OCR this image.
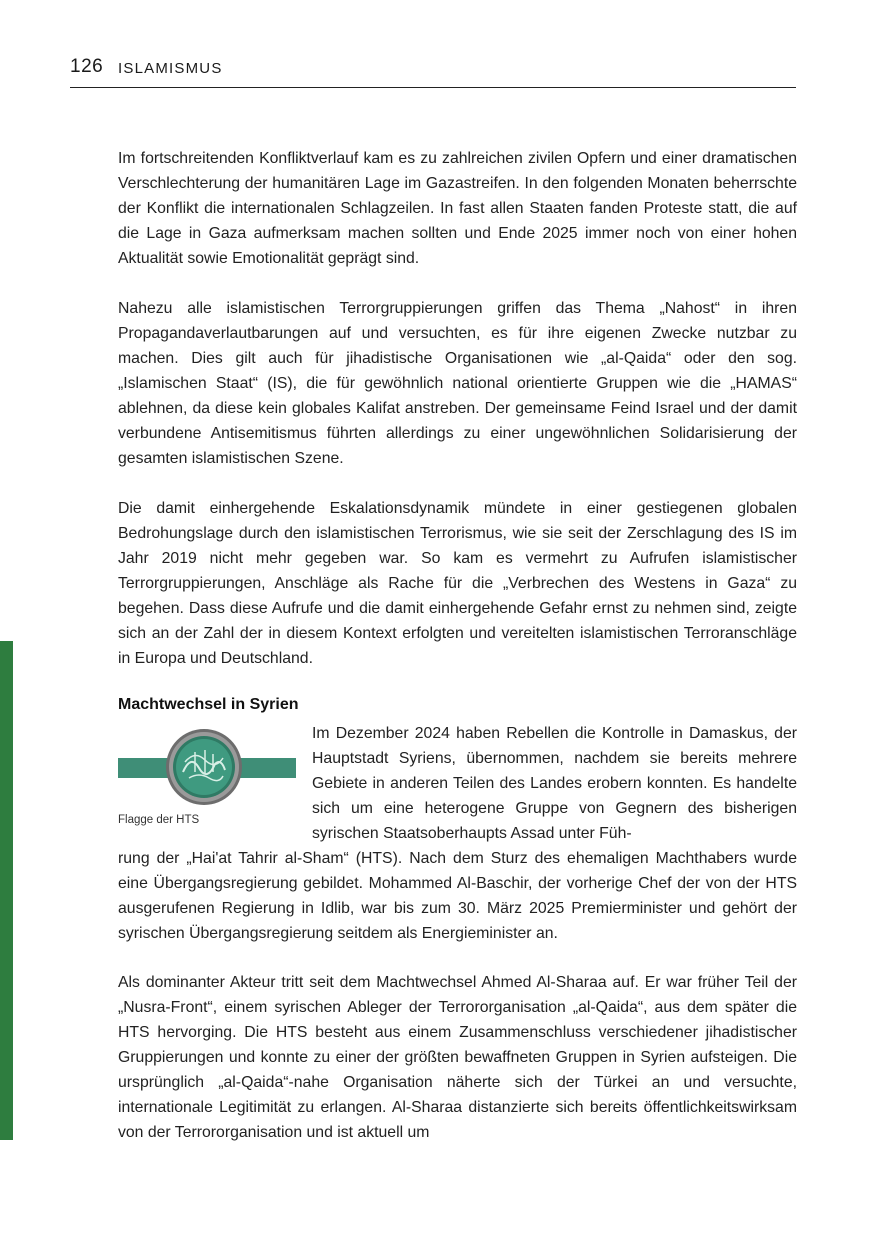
126 ISLAMISMUS

Im fortschreitenden Konfliktverlauf kam es zu zahlreichen zivilen Opfern und einer dramatischen Verschlechterung der humanitären Lage im Gazastreifen. In den folgenden Monaten beherrschte der Konflikt die internationalen Schlagzeilen. In fast allen Staaten fanden Proteste statt, die auf die Lage in Gaza aufmerksam machen sollten und Ende 2025 immer noch von einer hohen Aktualität sowie Emotionalität geprägt sind.

Nahezu alle islamistischen Terrorgruppierungen griffen das Thema „Nahost“ in ihren Propagandaverlautbarungen auf und versuchten, es für ihre eigenen Zwecke nutzbar zu machen. Dies gilt auch für jihadistische Organisationen wie „al-Qaida“ oder den sog. „Islamischen Staat“ (IS), die für gewöhnlich national orientierte Gruppen wie die „HAMAS“ ablehnen, da diese kein globales Kalifat anstreben. Der gemeinsame Feind Israel und der damit verbundene Antisemitismus führten allerdings zu einer ungewöhnlichen Solidarisierung der gesamten islamistischen Szene.

Die damit einhergehende Eskalationsdynamik mündete in einer gestiegenen globalen Bedrohungslage durch den islamistischen Terrorismus, wie sie seit der Zerschlagung des IS im Jahr 2019 nicht mehr gegeben war. So kam es vermehrt zu Aufrufen islamistischer Terrorgruppierungen, Anschläge als Rache für die „Verbrechen des Westens in Gaza“ zu begehen. Dass diese Aufrufe und die damit einhergehende Gefahr ernst zu nehmen sind, zeigte sich an der Zahl der in diesem Kontext erfolgten und vereitelten islamistischen Terroranschläge in Europa und Deutschland.

Machtwechsel in Syrien
Flagge der HTS

Im Dezember 2024 haben Rebellen die Kontrolle in Damaskus, der Hauptstadt Syriens, übernommen, nachdem sie bereits mehrere Gebiete in anderen Teilen des Landes erobern konnten. Es handelte sich um eine heterogene Gruppe von Gegnern des bisherigen syrischen Staatsoberhaupts Assad unter Füh-

rung der „Hai'at Tahrir al-Sham“ (HTS). Nach dem Sturz des ehemaligen Machthabers wurde eine Übergangsregierung gebildet. Mohammed Al-Baschir, der vorherige Chef der von der HTS ausgerufenen Regierung in Idlib, war bis zum 30. März 2025 Premierminister und gehört der syrischen Übergangsregierung seitdem als Energieminister an.

Als dominanter Akteur tritt seit dem Machtwechsel Ahmed Al-Sharaa auf. Er war früher Teil der „Nusra-Front“, einem syrischen Ableger der Terrororganisation „al-Qaida“, aus dem später die HTS hervorging. Die HTS besteht aus einem Zusammenschluss verschiedener jihadistischer Gruppierungen und konnte zu einer der größten bewaffneten Gruppen in Syrien aufsteigen. Die ursprünglich „al-Qaida“-nahe Organisation näherte sich der Türkei an und versuchte, internationale Legitimität zu erlangen. Al-Sharaa distanzierte sich bereits öffentlichkeitswirksam von der Terrororganisation und ist aktuell um
